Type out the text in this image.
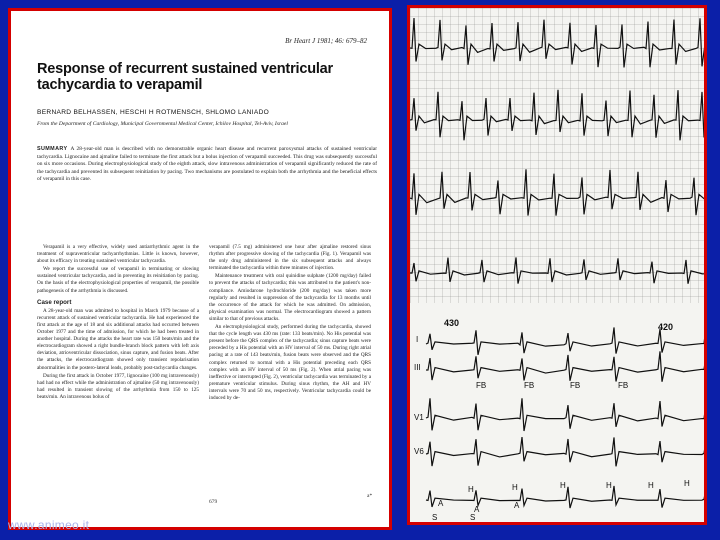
Br Heart J 1981; 46: 679–82
Response of recurrent sustained ventricular tachycardia to verapamil
BERNARD BELHASSEN, HESCHI H ROTMENSCH, SHLOMO LANIADO
From the Department of Cardiology, Municipal Governmental Medical Center, Ichilov Hospital, Tel-Aviv, Israel
SUMMARY A 28-year-old man is described with no demonstrable organic heart disease and recurrent paroxysmal attacks of sustained ventricular tachycardia. Lignocaine and ajmaline failed to terminate the first attack but a bolus injection of verapamil succeeded. This drug was subsequently successful on six more occasions. During electrophysiological study of the eighth attack, slow intravenous administration of verapamil significantly reduced the rate of the tachycardia and prevented its subsequent reinitiation by pacing. Two mechanisms are postulated to explain both the arrhythmia and the beneficial effects of verapamil in this case.

Verapamil is a very effective, widely used antiarrhythmic agent in the treatment of supraventricular tachyarrhythmias. Little is known, however, about its efficacy in treating sustained ventricular tachycardia.

We report the successful use of verapamil in terminating or slowing sustained ventricular tachycardia, and in preventing its reinitiation by pacing. On the basis of the electrophysiological properties of verapamil, the possible pathogenesis of the arrhythmia is discussed.

Case report

A 28-year-old man was admitted to hospital in March 1979 because of a recurrent attack of sustained ventricular tachycardia. He had experienced the first attack at the age of 18 and six additional attacks had occurred between October 1977 and the time of admission, for which he had been treated in another hospital. During the attacks the heart rate was 150 beats/min and the electrocardiogram showed a right bundle-branch block pattern with left axis deviation, atrioventricular dissociation, sinus capture, and fusion beats. After the attacks, the electrocardiogram showed only transient repolarisation abnormalities in the postero-lateral leads, probably post-tachycardia changes.

During the first attack in October 1977, lignocaine (100 mg intravenously) had had no effect while the administration of ajmaline (50 mg intravenously) had resulted in transient slowing of the arrhythmia from 150 to 125 beats/min. An intravenous bolus of

verapamil (7.5 mg) administered one hour after ajmaline restored sinus rhythm after progressive slowing of the tachycardia (Fig. 1). Verapamil was the only drug administered in the six subsequent attacks and always terminated the tachycardia within three minutes of injection.

Maintenance treatment with oral quinidine sulphate (1200 mg/day) failed to prevent the attacks of tachycardia; this was attributed to the patient's non-compliance. Amiodarone hydrochloride (200 mg/day) was taken more regularly and resulted in suppression of the tachycardia for 13 months until the occurrence of the attack for which he was admitted. On admission, physical examination was normal. The electrocardiogram showed a pattern similar to that of previous attacks.

An electrophysiological study, performed during the tachycardia, showed that the cycle length was 430 ms (rate: 133 beats/min). No His potential was present before the QRS complex of the tachycardia; sinus capture beats were preceded by a His potential with an HV interval of 50 ms. During right atrial pacing at a rate of 143 beats/min, fusion beats were observed and the QRS complex returned to normal with a His potential preceding each QRS complex with an HV interval of 50 ms (Fig. 2). When atrial pacing was ineffective or interrupted (Fig. 2), ventricular tachycardia was terminated by a premature ventricular stimulus. During sinus rhythm, the AH and HV intervals were 70 and 50 ms, respectively. Ventricular tachycardia could be induced by de-

679
a*
430	420
I
III
V1
V6
FB	FB	FB	FB
H	H	H	H	H	H
A
A	A
S	S
www.animeo.it
